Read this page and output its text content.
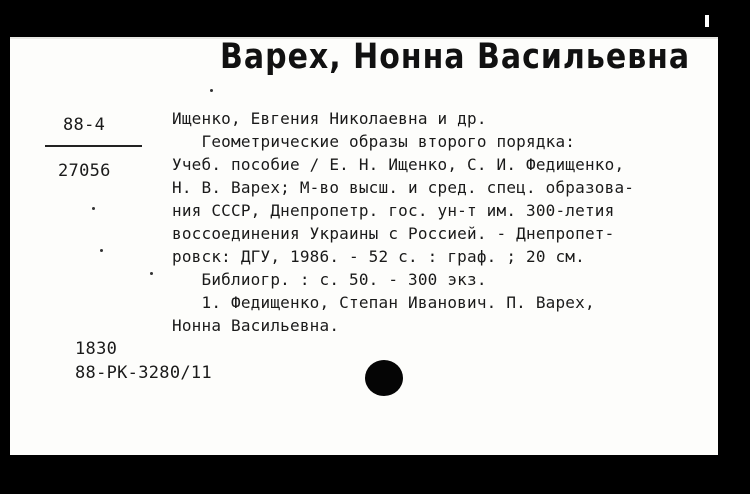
Варех, Нонна Васильевна
88-4
27056
Ищенко, Евгения Николаевна и др.
Геометрические образы второго порядка:
Учеб. пособие / Е. Н. Ищенко, С. И. Федищенко,
Н. В. Варех; М-во высш. и сред. спец. образова-
ния СССР, Днепропетр. гос. ун-т им. 300-летия
воссоединения Украины с Россией. - Днепропет-
ровск: ДГУ, 1986. - 52 с. : граф. ; 20 см.
Библиогр. : с. 50. - 300 экз.
1. Федищенко, Степан Иванович. П. Варех,
Нонна Васильевна.
1830
88-РК-3280/11
